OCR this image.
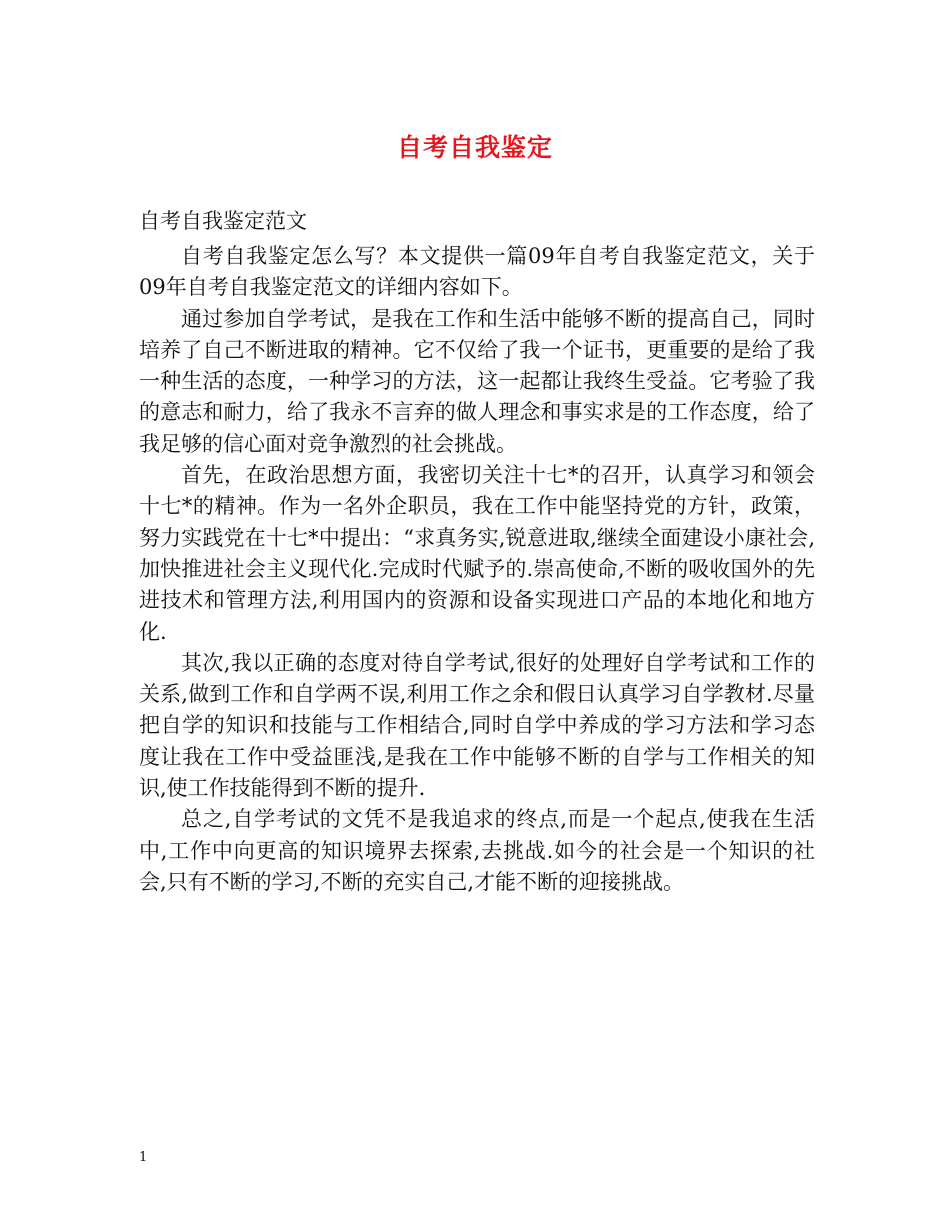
自考自我鉴定
自考自我鉴定范文

自考自我鉴定怎么写？本文提供一篇09年自考自我鉴定范文，关于09年自考自我鉴定范文的详细内容如下。

通过参加自学考试，是我在工作和生活中能够不断的提高自己，同时培养了自己不断进取的精神。它不仅给了我一个证书，更重要的是给了我一种生活的态度，一种学习的方法，这一起都让我终生受益。它考验了我的意志和耐力，给了我永不言弃的做人理念和事实求是的工作态度，给了我足够的信心面对竞争激烈的社会挑战。

首先，在政治思想方面，我密切关注十七*的召开，认真学习和领会十七*的精神。作为一名外企职员，我在工作中能坚持党的方针，政策，努力实践党在十七*中提出：“求真务实,锐意进取,继续全面建设小康社会,加快推进社会主义现代化.完成时代赋予的.崇高使命,不断的吸收国外的先进技术和管理方法,利用国内的资源和设备实现进口产品的本地化和地方化.

其次,我以正确的态度对待自学考试,很好的处理好自学考试和工作的关系,做到工作和自学两不误,利用工作之余和假日认真学习自学教材.尽量把自学的知识和技能与工作相结合,同时自学中养成的学习方法和学习态度让我在工作中受益匪浅,是我在工作中能够不断的自学与工作相关的知识,使工作技能得到不断的提升.

总之,自学考试的文凭不是我追求的终点,而是一个起点,使我在生活中,工作中向更高的知识境界去探索,去挑战.如今的社会是一个知识的社会,只有不断的学习,不断的充实自己,才能不断的迎接挑战。

1
